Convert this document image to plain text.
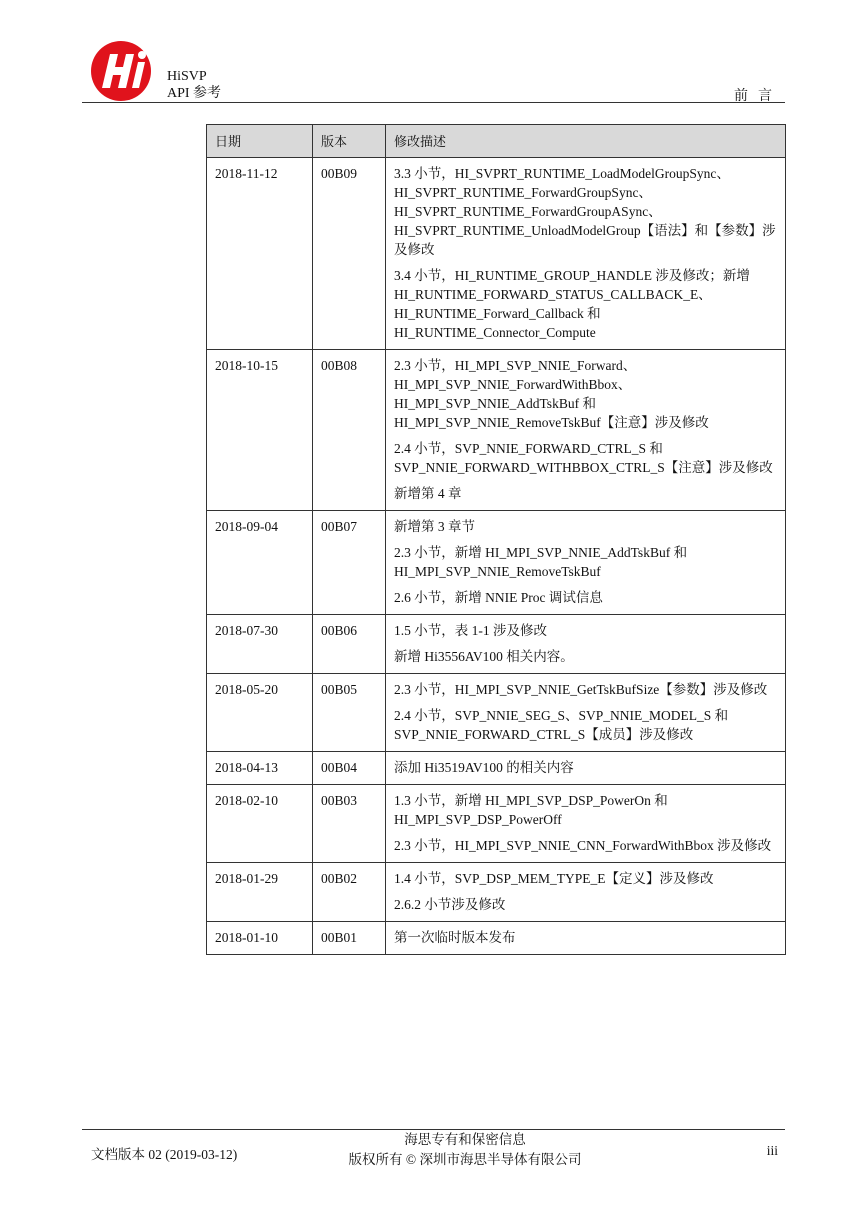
HiSVP
API 参考	前言
日期	版本	修改描述
2018-11-12	00B09	3.3 小节，HI_SVPRT_RUNTIME_LoadModelGroupSync、HI_SVPRT_RUNTIME_ForwardGroupSync、HI_SVPRT_RUNTIME_ForwardGroupASync、HI_SVPRT_RUNTIME_UnloadModelGroup【语法】和【参数】涉及修改

3.4 小节，HI_RUNTIME_GROUP_HANDLE 涉及修改；新增 HI_RUNTIME_FORWARD_STATUS_CALLBACK_E、HI_RUNTIME_Forward_Callback 和 HI_RUNTIME_Connector_Compute

2018-10-15	00B08	2.3 小节，HI_MPI_SVP_NNIE_Forward、HI_MPI_SVP_NNIE_ForwardWithBbox、HI_MPI_SVP_NNIE_AddTskBuf 和 HI_MPI_SVP_NNIE_RemoveTskBuf【注意】涉及修改

2.4 小节，SVP_NNIE_FORWARD_CTRL_S 和 SVP_NNIE_FORWARD_WITHBBOX_CTRL_S【注意】涉及修改

新增第 4 章

2018-09-04	00B07	新增第 3 章节

2.3 小节，新增 HI_MPI_SVP_NNIE_AddTskBuf 和 HI_MPI_SVP_NNIE_RemoveTskBuf

2.6 小节，新增 NNIE Proc 调试信息

2018-07-30	00B06	1.5 小节，表 1-1 涉及修改

新增 Hi3556AV100 相关内容。

2018-05-20	00B05	2.3 小节，HI_MPI_SVP_NNIE_GetTskBufSize【参数】涉及修改

2.4 小节，SVP_NNIE_SEG_S、SVP_NNIE_MODEL_S 和 SVP_NNIE_FORWARD_CTRL_S【成员】涉及修改

2018-04-13	00B04	添加 Hi3519AV100 的相关内容

2018-02-10	00B03	1.3 小节，新增 HI_MPI_SVP_DSP_PowerOn 和 HI_MPI_SVP_DSP_PowerOff

2.3 小节，HI_MPI_SVP_NNIE_CNN_ForwardWithBbox 涉及修改

2018-01-29	00B02	1.4 小节，SVP_DSP_MEM_TYPE_E【定义】涉及修改

2.6.2 小节涉及修改

2018-01-10	00B01	第一次临时版本发布

文档版本 02 (2019-03-12)
海思专有和保密信息
版权所有 © 深圳市海思半导体有限公司
iii
